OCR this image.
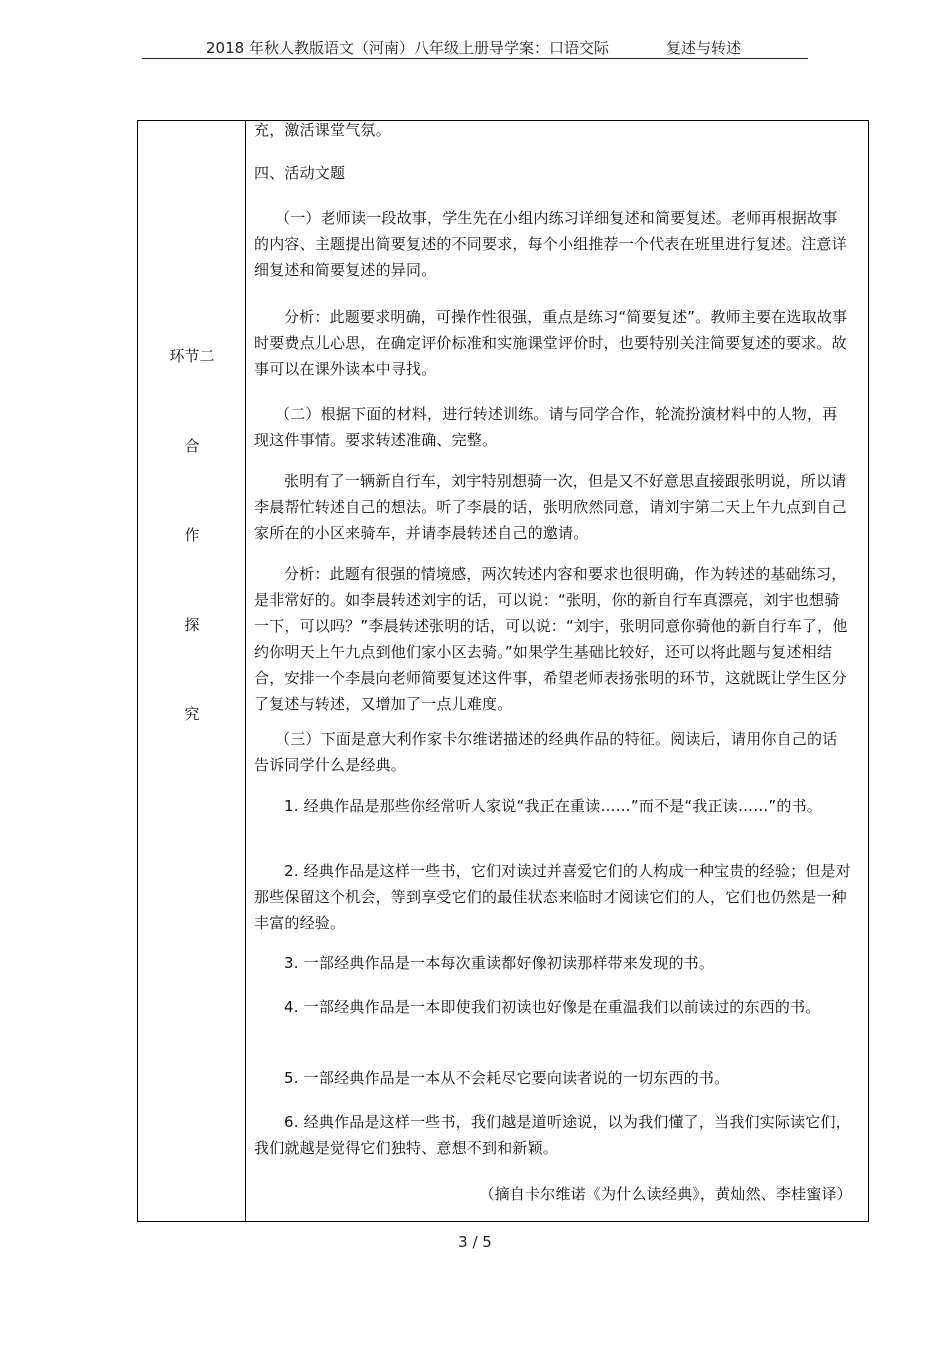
2018 年秋人教版语文（河南）八年级上册导学案：口语交际	复述与转述
环节二
合
作
探
究

充，激活课堂气氛。

四、活动文题

（一）老师读一段故事，学生先在小组内练习详细复述和简要复述。老师再根据故事的内容、主题提出简要复述的不同要求，每个小组推荐一个代表在班里进行复述。注意详细复述和简要复述的异同。

分析：此题要求明确，可操作性很强，重点是练习“简要复述”。教师主要在选取故事时要费点儿心思，在确定评价标准和实施课堂评价时，也要特别关注简要复述的要求。故事可以在课外读本中寻找。

（二）根据下面的材料，进行转述训练。请与同学合作，轮流扮演材料中的人物，再现这件事情。要求转述准确、完整。

张明有了一辆新自行车，刘宇特别想骑一次，但是又不好意思直接跟张明说，所以请李晨帮忙转述自己的想法。听了李晨的话，张明欣然同意，请刘宇第二天上午九点到自己家所在的小区来骑车，并请李晨转述自己的邀请。

分析：此题有很强的情境感，两次转述内容和要求也很明确，作为转述的基础练习，是非常好的。如李晨转述刘宇的话，可以说：“张明，你的新自行车真漂亮，刘宇也想骑一下，可以吗？”李晨转述张明的话，可以说：“刘宇，张明同意你骑他的新自行车了，他约你明天上午九点到他们家小区去骑。”如果学生基础比较好，还可以将此题与复述相结合，安排一个李晨向老师简要复述这件事，希望老师表扬张明的环节，这就既让学生区分了复述与转述，又增加了一点儿难度。

（三）下面是意大利作家卡尔维诺描述的经典作品的特征。阅读后，请用你自己的话告诉同学什么是经典。

1. 经典作品是那些你经常听人家说“我正在重读……”而不是“我正读……”的书。

2. 经典作品是这样一些书，它们对读过并喜爱它们的人构成一种宝贵的经验；但是对那些保留这个机会，等到享受它们的最佳状态来临时才阅读它们的人，它们也仍然是一种丰富的经验。

3. 一部经典作品是一本每次重读都好像初读那样带来发现的书。

4. 一部经典作品是一本即使我们初读也好像是在重温我们以前读过的东西的书。

5. 一部经典作品是一本从不会耗尽它要向读者说的一切东西的书。

6. 经典作品是这样一些书，我们越是道听途说，以为我们懂了，当我们实际读它们，我们就越是觉得它们独特、意想不到和新颖。

（摘自卡尔维诺《为什么读经典》，黄灿然、李桂蜜译）

3 / 5
